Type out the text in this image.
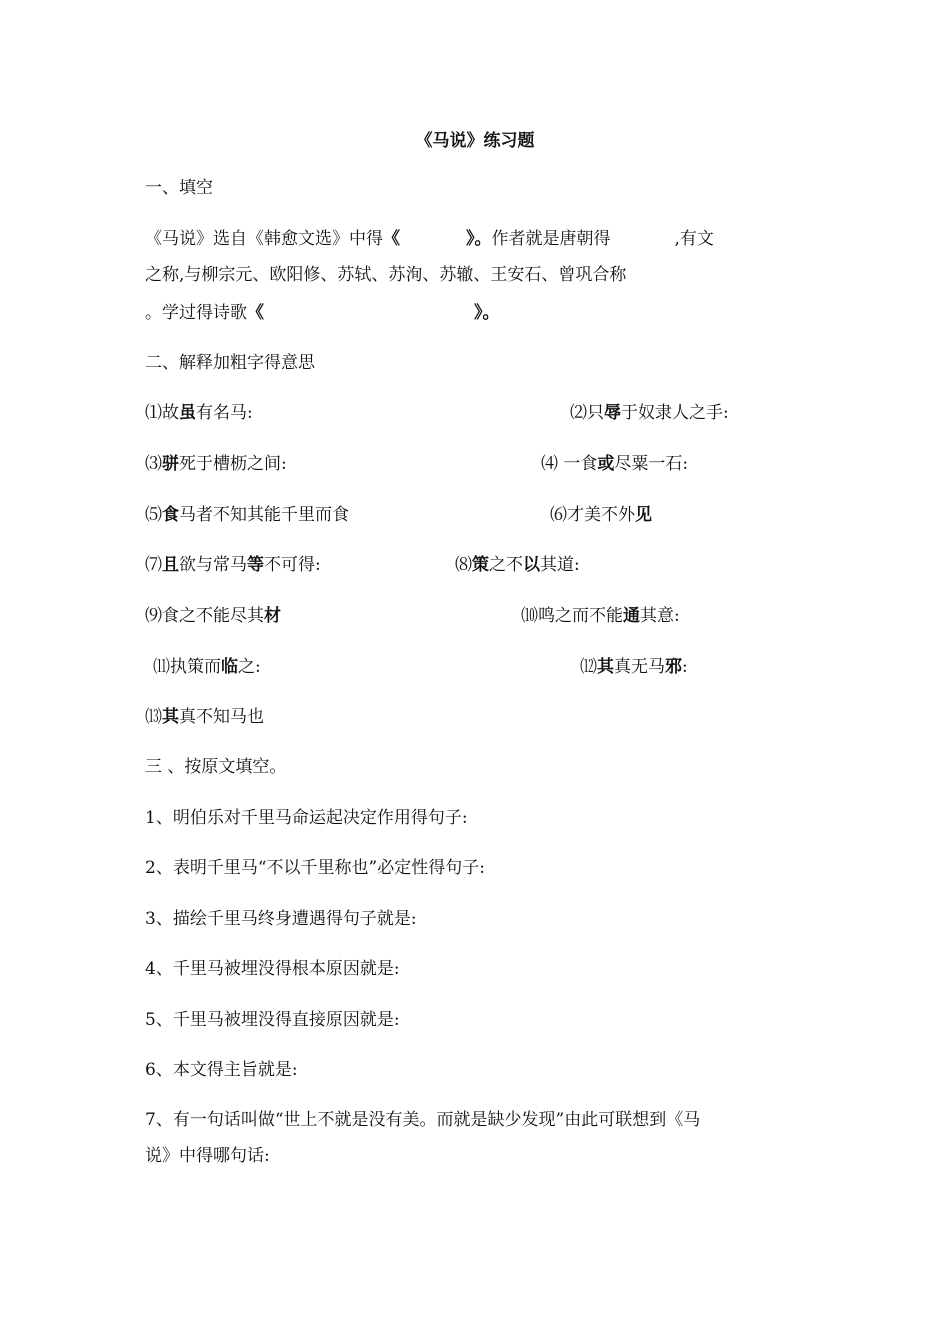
《马说》练习题
一、填空
《马说》选自《韩愈文选》中得《	》。作者就是唐朝得	,有文
之称,与柳宗元、欧阳修、苏轼、苏洵、苏辙、王安石、曾巩合称
。学过得诗歌《	》。
二、解释加粗字得意思
⑴故虽有名马:	⑵只辱于奴隶人之手:
⑶骈死于槽枥之间:	⑷ 一食或尽粟一石:
⑸食马者不知其能千里而食	⑹才美不外见
⑺且欲与常马等不可得:	⑻策之不以其道:
⑼食之不能尽其材	⑽鸣之而不能通其意:
⑾执策而临之:	⑿其真无马邪:
⒀其真不知马也
三 、按原文填空。
1、明伯乐对千里马命运起决定作用得句子:
2、表明千里马“不以千里称也”必定性得句子:
3、描绘千里马终身遭遇得句子就是:
4、千里马被埋没得根本原因就是:
5、千里马被埋没得直接原因就是:
6、本文得主旨就是:
7、有一句话叫做“世上不就是没有美。而就是缺少发现”由此可联想到《马
说》中得哪句话:
